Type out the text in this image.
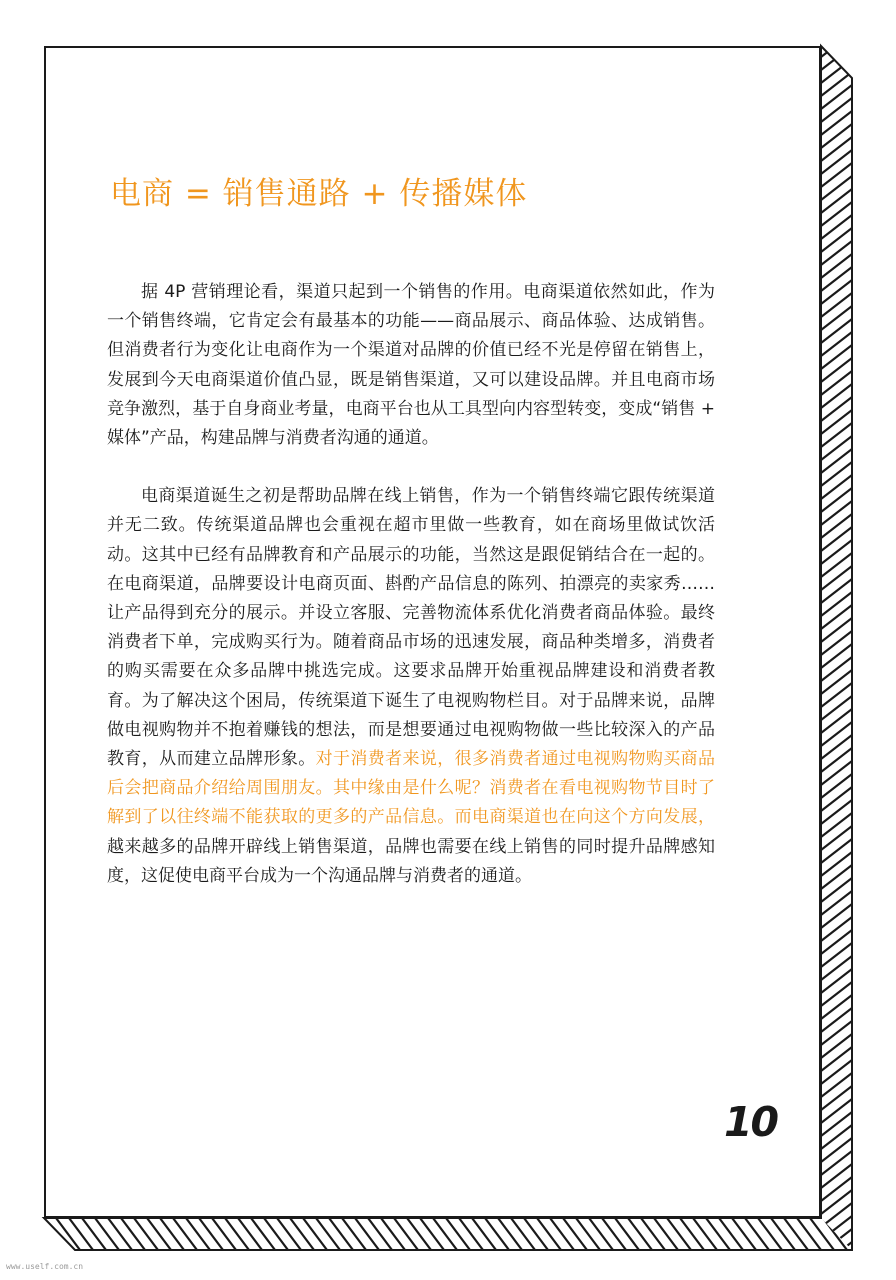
电商 = 销售通路 + 传播媒体

据 4P 营销理论看，渠道只起到一个销售的作用。电商渠道依然如此，作为一个销售终端，它肯定会有最基本的功能——商品展示、商品体验、达成销售。但消费者行为变化让电商作为一个渠道对品牌的价值已经不光是停留在销售上，发展到今天电商渠道价值凸显，既是销售渠道，又可以建设品牌。并且电商市场竞争激烈，基于自身商业考量，电商平台也从工具型向内容型转变，变成“销售 + 媒体”产品，构建品牌与消费者沟通的通道。

电商渠道诞生之初是帮助品牌在线上销售，作为一个销售终端它跟传统渠道并无二致。传统渠道品牌也会重视在超市里做一些教育，如在商场里做试饮活动。这其中已经有品牌教育和产品展示的功能，当然这是跟促销结合在一起的。在电商渠道，品牌要设计电商页面、斟酌产品信息的陈列、拍漂亮的卖家秀……让产品得到充分的展示。并设立客服、完善物流体系优化消费者商品体验。最终消费者下单，完成购买行为。随着商品市场的迅速发展，商品种类增多，消费者的购买需要在众多品牌中挑选完成。这要求品牌开始重视品牌建设和消费者教育。为了解决这个困局，传统渠道下诞生了电视购物栏目。对于品牌来说，品牌做电视购物并不抱着赚钱的想法，而是想要通过电视购物做一些比较深入的产品教育，从而建立品牌形象。对于消费者来说，很多消费者通过电视购物购买商品后会把商品介绍给周围朋友。其中缘由是什么呢？消费者在看电视购物节目时了解到了以往终端不能获取的更多的产品信息。而电商渠道也在向这个方向发展，越来越多的品牌开辟线上销售渠道，品牌也需要在线上销售的同时提升品牌感知度，这促使电商平台成为一个沟通品牌与消费者的通道。

10
www.uself.com.cn
